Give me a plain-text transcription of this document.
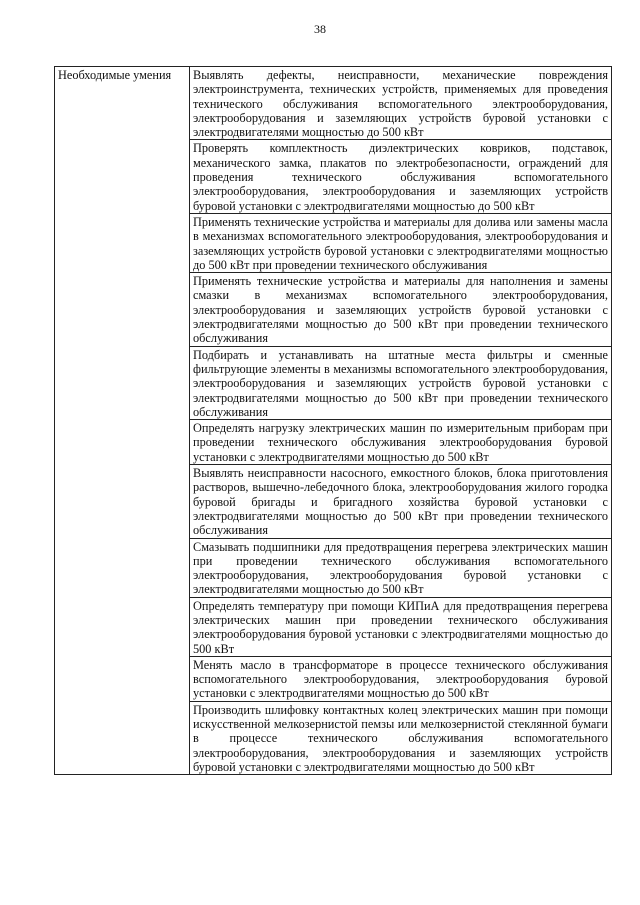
38
Необходимые умения	Выявлять дефекты, неисправности, механические повреждения электроинструмента, технических устройств, применяемых для проведения технического обслуживания вспомогательного электрооборудования, электрооборудования и заземляющих устройств буровой установки с электродвигателями мощностью до 500 кВт
Проверять комплектность диэлектрических ковриков, подставок, механического замка, плакатов по электробезопасности, ограждений для проведения технического обслуживания вспомогательного электрооборудования, электрооборудования и заземляющих устройств буровой установки с электродвигателями мощностью до 500 кВт
Применять технические устройства и материалы для долива или замены масла в механизмах вспомогательного электрооборудования, электрооборудования и заземляющих устройств буровой установки с электродвигателями мощностью до 500 кВт при проведении технического обслуживания
Применять технические устройства и материалы для наполнения и замены смазки в механизмах вспомогательного электрооборудования, электрооборудования и заземляющих устройств буровой установки с электродвигателями мощностью до 500 кВт при проведении технического обслуживания
Подбирать и устанавливать на штатные места фильтры и сменные фильтрующие элементы в механизмы вспомогательного электрооборудования, электрооборудования и заземляющих устройств буровой установки с электродвигателями мощностью до 500 кВт при проведении технического обслуживания
Определять нагрузку электрических машин по измерительным приборам при проведении технического обслуживания электрооборудования буровой установки с электродвигателями мощностью до 500 кВт
Выявлять неисправности насосного, емкостного блоков, блока приготовления растворов, вышечно-лебедочного блока, электрооборудования жилого городка буровой бригады и бригадного хозяйства буровой установки с электродвигателями мощностью до 500 кВт при проведении технического обслуживания
Смазывать подшипники для предотвращения перегрева электрических машин при проведении технического обслуживания вспомогательного электрооборудования, электрооборудования буровой установки с электродвигателями мощностью до 500 кВт
Определять температуру при помощи КИПиА для предотвращения перегрева электрических машин при проведении технического обслуживания электрооборудования буровой установки с электродвигателями мощностью до 500 кВт
Менять масло в трансформаторе в процессе технического обслуживания вспомогательного электрооборудования, электрооборудования буровой установки с электродвигателями мощностью до 500 кВт
Производить шлифовку контактных колец электрических машин при помощи искусственной мелкозернистой пемзы или мелкозернистой стеклянной бумаги в процессе технического обслуживания вспомогательного электрооборудования, электрооборудования и заземляющих устройств буровой установки с электродвигателями мощностью до 500 кВт
